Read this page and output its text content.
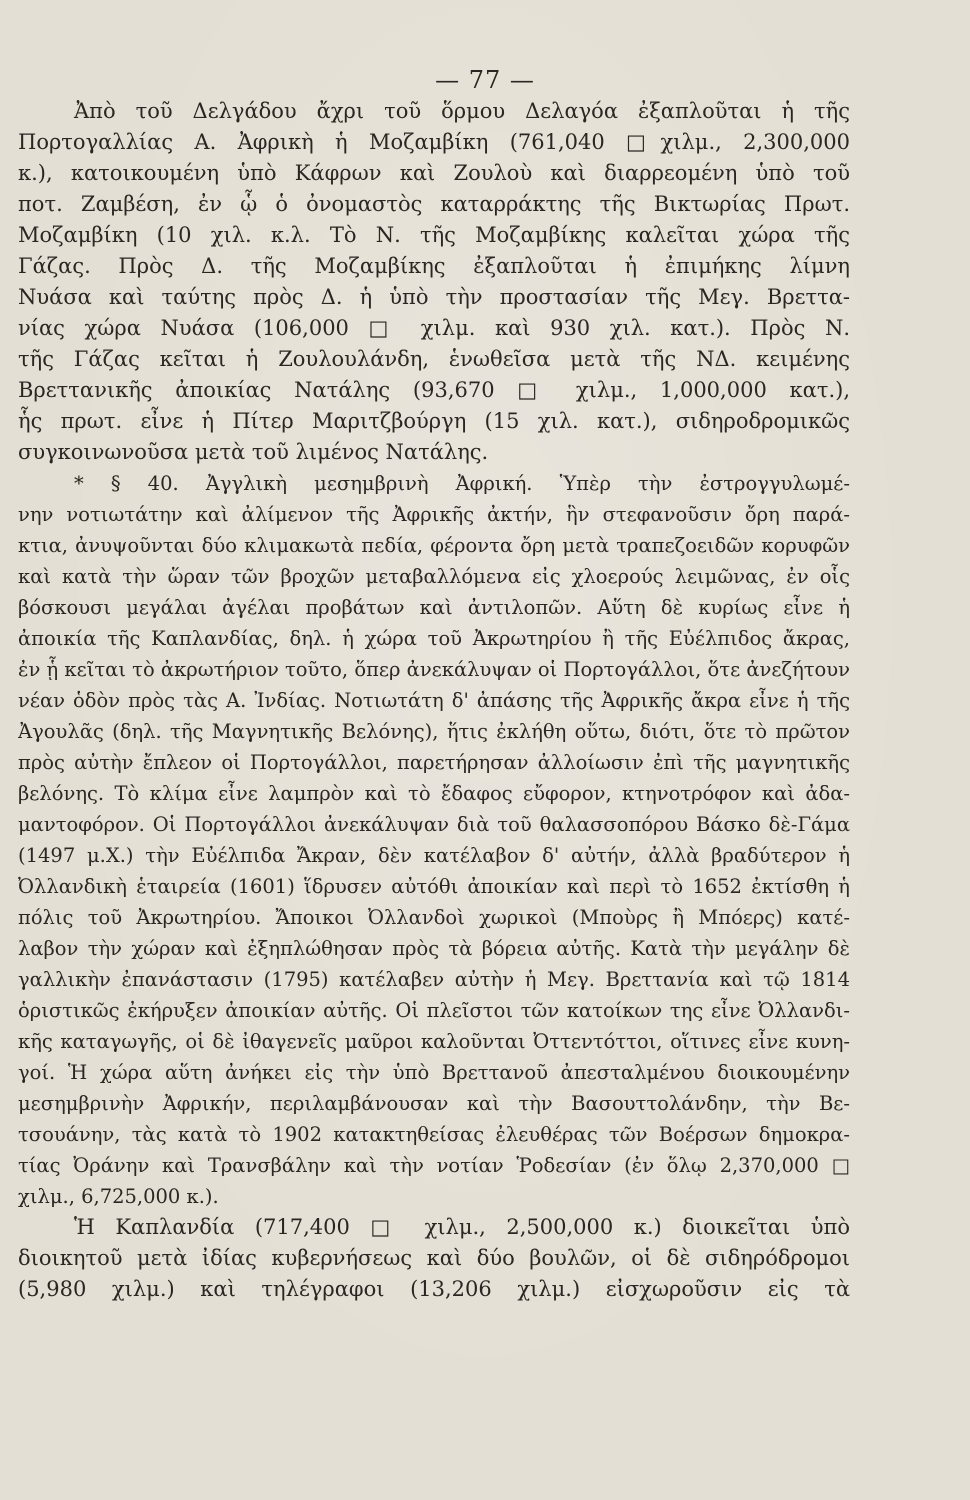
— 77 —
Ἀπὸ τοῦ Δελγάδου ἄχρι τοῦ ὅρμου Δελαγόα ἐξαπλοῦται ἡ τῆς
Πορτογαλλίας Α. Ἀφρικὴ ἡ Μοζαμβίκη (761,040 □χιλμ., 2,300,000
κ.), κατοικουμένη ὑπὸ Κάφρων καὶ Ζουλοὺ καὶ διαρρεομένη ὑπὸ τοῦ
ποτ. Ζαμβέση, ἐν ᾧ ὁ ὀνομαστὸς καταρράκτης τῆς Βικτωρίας Πρωτ.
Μοζαμβίκη (10 χιλ. κ.λ. Τὸ Ν. τῆς Μοζαμβίκης καλεῖται χώρα τῆς
Γάζας. Πρὸς Δ. τῆς Μοζαμβίκης ἐξαπλοῦται ἡ ἐπιμήκης λίμνη
Νυάσα καὶ ταύτης πρὸς Δ. ἡ ὑπὸ τὴν προστασίαν τῆς Μεγ. Βρεττα-
νίας χώρα Νυάσα (106,000 □ χιλμ. καὶ 930 χιλ. κατ.). Πρὸς Ν.
τῆς Γάζας κεῖται ἡ Ζουλουλάνδη, ἑνωθεῖσα μετὰ τῆς ΝΔ. κειμένης
Βρεττανικῆς ἀποικίας Νατάλης (93,670 □ χιλμ., 1,000,000 κατ.),
ἧς πρωτ. εἶνε ἡ Πίτερ Μαριτζβούργη (15 χιλ. κατ.), σιδηροδρομικῶς
συγκοινωνοῦσα μετὰ τοῦ λιμένος Νατάλης.
* § 40. Ἀγγλικὴ μεσημβρινὴ Ἀφρική. Ὑπὲρ τὴν ἐστρογγυλωμέ-
νην νοτιωτάτην καὶ ἀλίμενον τῆς Ἀφρικῆς ἀκτήν, ἣν στεφανοῦσιν ὄρη παρά-
κτια, ἀνυψοῦνται δύο κλιμακωτὰ πεδία, φέροντα ὄρη μετὰ τραπεζοειδῶν κορυφῶν
καὶ κατὰ τὴν ὥραν τῶν βροχῶν μεταβαλλόμενα εἰς χλοερούς λειμῶνας, ἐν οἷς
βόσκουσι μεγάλαι ἀγέλαι προβάτων καὶ ἀντιλοπῶν. Αὕτη δὲ κυρίως εἶνε ἡ
ἀποικία τῆς Καπλανδίας, δηλ. ἡ χώρα τοῦ Ἀκρωτηρίου ἢ τῆς Εὐέλπιδος ἄκρας,
ἐν ᾗ κεῖται τὸ ἀκρωτήριον τοῦτο, ὅπερ ἀνεκάλυψαν οἱ Πορτογάλλοι, ὅτε ἀνεζήτουν
νέαν ὁδὸν πρὸς τὰς Α. Ἰνδίας. Νοτιωτάτη δ' ἀπάσης τῆς Ἀφρικῆς ἄκρα εἶνε ἡ τῆς
Ἀγουλᾶς (δηλ. τῆς Μαγνητικῆς Βελόνης), ἥτις ἐκλήθη οὕτω, διότι, ὅτε τὸ πρῶτον
πρὸς αὐτὴν ἔπλεον οἱ Πορτογάλλοι, παρετήρησαν ἀλλοίωσιν ἐπὶ τῆς μαγνητικῆς
βελόνης. Τὸ κλίμα εἶνε λαμπρὸν καὶ τὸ ἔδαφος εὔφορον, κτηνοτρόφον καὶ ἀδα-
μαντοφόρον. Οἱ Πορτογάλλοι ἀνεκάλυψαν διὰ τοῦ θαλασσοπόρου Βάσκο δὲ-Γάμα
(1497 μ.Χ.) τὴν Εὐέλπιδα Ἄκραν, δὲν κατέλαβον δ' αὐτήν, ἀλλὰ βραδύτερον ἡ
Ὀλλανδικὴ ἑταιρεία (1601) ἵδρυσεν αὐτόθι ἀποικίαν καὶ περὶ τὸ 1652 ἐκτίσθη ἡ
πόλις τοῦ Ἀκρωτηρίου. Ἄποικοι Ὀλλανδοὶ χωρικοὶ (Μποὺρς ἢ Μπόερς) κατέ-
λαβον τὴν χώραν καὶ ἐξηπλώθησαν πρὸς τὰ βόρεια αὐτῆς. Κατὰ τὴν μεγάλην δὲ
γαλλικὴν ἐπανάστασιν (1795) κατέλαβεν αὐτὴν ἡ Μεγ. Βρεττανία καὶ τῷ 1814
ὁριστικῶς ἐκήρυξεν ἀποικίαν αὐτῆς. Οἱ πλεῖστοι τῶν κατοίκων της εἶνε Ὀλλανδι-
κῆς καταγωγῆς, οἱ δὲ ἰθαγενεῖς μαῦροι καλοῦνται Ὀττεντόττοι, οἵτινες εἶνε κυνη-
γοί. Ἡ χώρα αὕτη ἀνήκει εἰς τὴν ὑπὸ Βρεττανοῦ ἀπεσταλμένου διοικουμένην
μεσημβρινὴν Ἀφρικήν, περιλαμβάνουσαν καὶ τὴν Βασουττολάνδην, τὴν Βε-
τσουάνην, τὰς κατὰ τὸ 1902 κατακτηθείσας ἐλευθέρας τῶν Βοέρσων δημοκρα-
τίας Ὀράνην καὶ Τρανσβάλην καὶ τὴν νοτίαν Ῥοδεσίαν (ἐν ὅλῳ 2,370,000 □
χιλμ., 6,725,000 κ.).
Ἡ Καπλανδία (717,400 □ χιλμ., 2,500,000 κ.) διοικεῖται ὑπὸ
διοικητοῦ μετὰ ἰδίας κυβερνήσεως καὶ δύο βουλῶν, οἱ δὲ σιδηρόδρομοι
(5,980 χιλμ.) καὶ τηλέγραφοι (13,206 χιλμ.) εἰσχωροῦσιν εἰς τὰ
